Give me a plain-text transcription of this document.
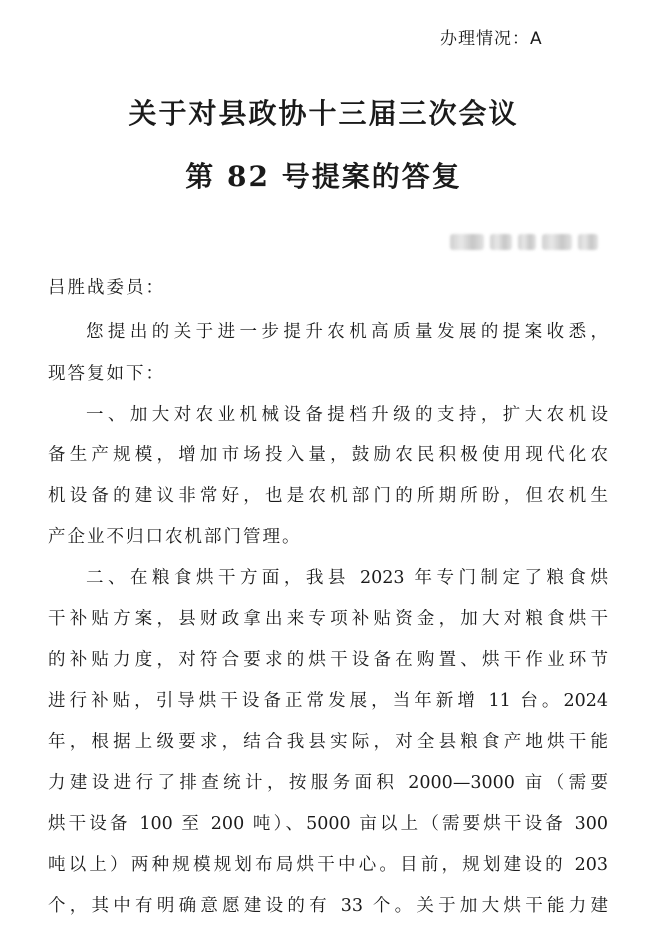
办理情况：A
关于对县政协十三届三次会议
第 82 号提案的答复
吕胜战委员：
您提出的关于进一步提升农机高质量发展的提案收悉，
现答复如下：
一、加大对农业机械设备提档升级的支持，扩大农机设
备生产规模，增加市场投入量，鼓励农民积极使用现代化农
机设备的建议非常好，也是农机部门的所期所盼，但农机生
产企业不归口农机部门管理。
二、在粮食烘干方面，我县 2023 年专门制定了粮食烘
干补贴方案，县财政拿出来专项补贴资金，加大对粮食烘干
的补贴力度，对符合要求的烘干设备在购置、烘干作业环节
进行补贴，引导烘干设备正常发展，当年新增 11 台。2024
年，根据上级要求，结合我县实际，对全县粮食产地烘干能
力建设进行了排查统计，按服务面积 2000—3000 亩（需要
烘干设备 100 至 200 吨）、5000 亩以上（需要烘干设备 300
吨以上）两种规模规划布局烘干中心。目前，规划建设的 203
个，其中有明确意愿建设的有 33 个。关于加大烘干能力建
